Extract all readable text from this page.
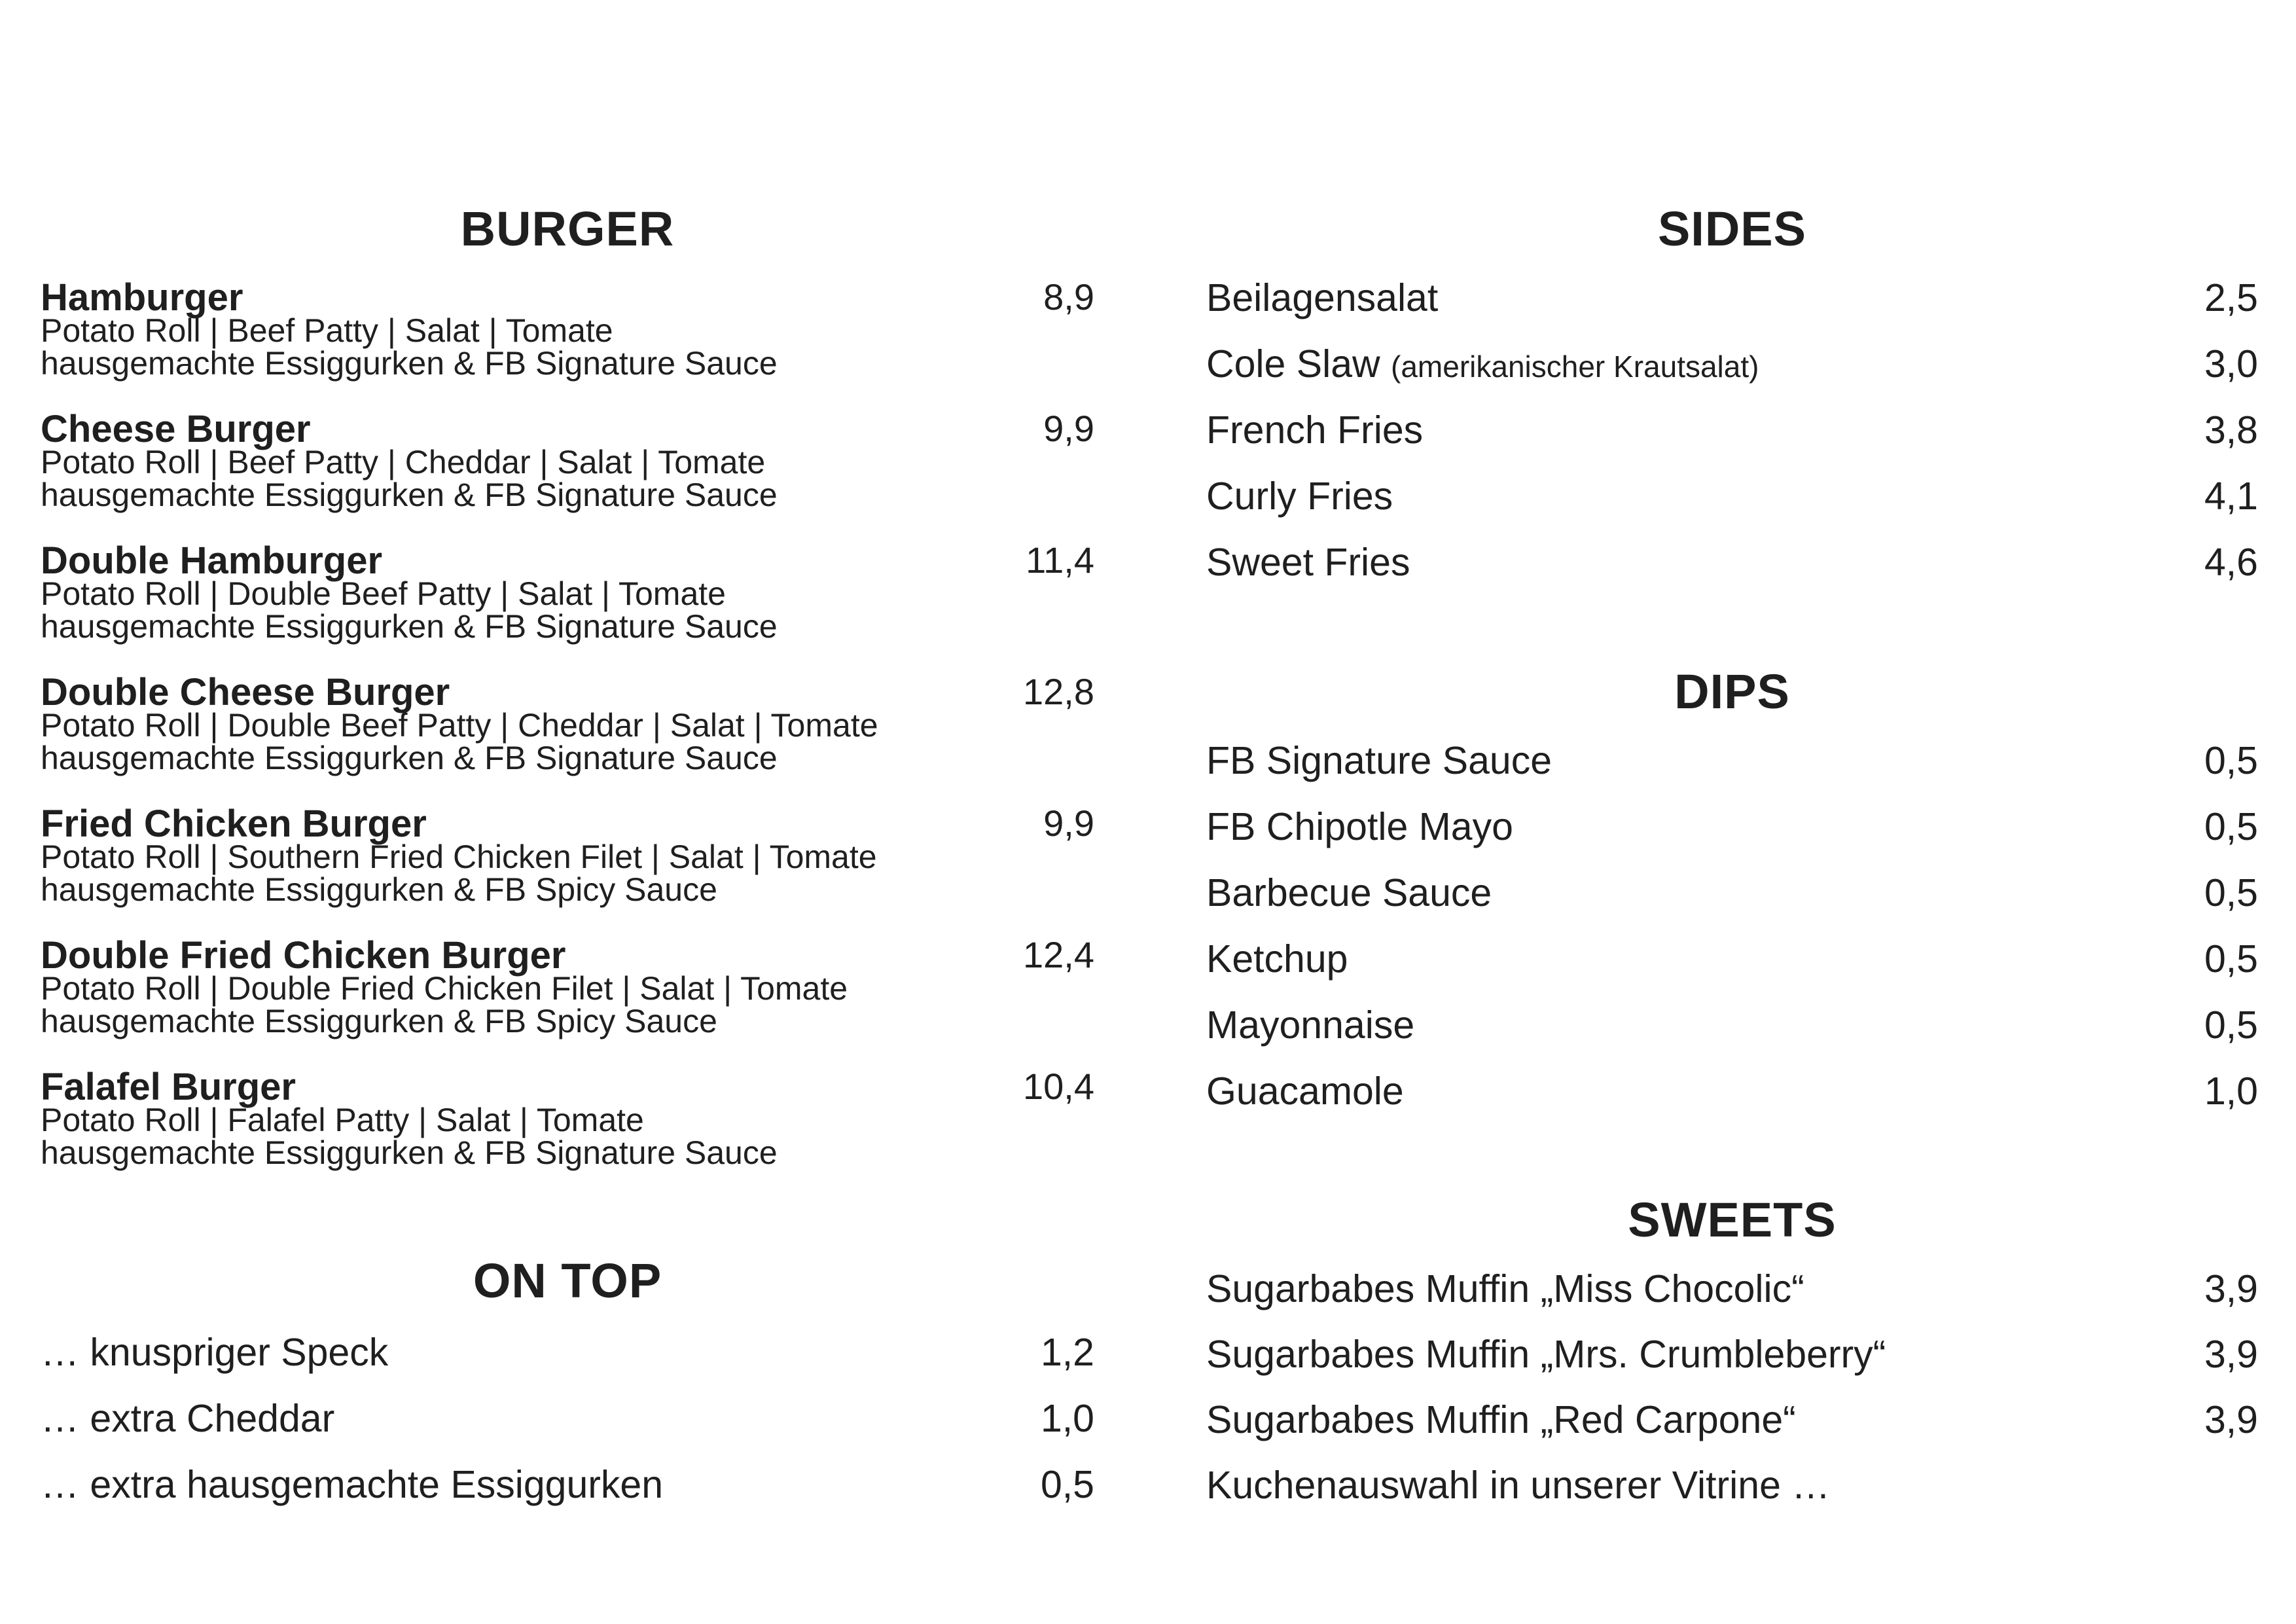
BURGER
Hamburger	8,9
Potato Roll | Beef Patty | Salat | Tomate
hausgemachte Essiggurken & FB Signature Sauce
Cheese Burger	9,9
Potato Roll | Beef Patty | Cheddar | Salat | Tomate
hausgemachte Essiggurken & FB Signature Sauce
Double Hamburger	11,4
Potato Roll | Double Beef Patty | Salat | Tomate
hausgemachte Essiggurken & FB Signature Sauce
Double Cheese Burger	12,8
Potato Roll | Double Beef Patty | Cheddar | Salat | Tomate
hausgemachte Essiggurken & FB Signature Sauce
Fried Chicken Burger	9,9
Potato Roll | Southern Fried Chicken Filet | Salat | Tomate
hausgemachte Essiggurken & FB Spicy Sauce
Double Fried Chicken Burger	12,4
Potato Roll | Double Fried Chicken Filet | Salat | Tomate
hausgemachte Essiggurken & FB Spicy Sauce
Falafel Burger	10,4
Potato Roll | Falafel Patty | Salat | Tomate
hausgemachte Essiggurken & FB Signature Sauce
ON TOP
… knuspriger Speck	1,2
… extra Cheddar	1,0
… extra hausgemachte Essiggurken	0,5
SIDES
Beilagensalat	2,5
Cole Slaw (amerikanischer Krautsalat)	3,0
French Fries	3,8
Curly Fries	4,1
Sweet Fries	4,6
DIPS
FB Signature Sauce	0,5
FB Chipotle Mayo	0,5
Barbecue Sauce	0,5
Ketchup	0,5
Mayonnaise	0,5
Guacamole	1,0
SWEETS
Sugarbabes Muffin „Miss Chocolic“	3,9
Sugarbabes Muffin „Mrs. Crumbleberry“	3,9
Sugarbabes Muffin „Red Carpone“	3,9
Kuchenauswahl in unserer Vitrine …
